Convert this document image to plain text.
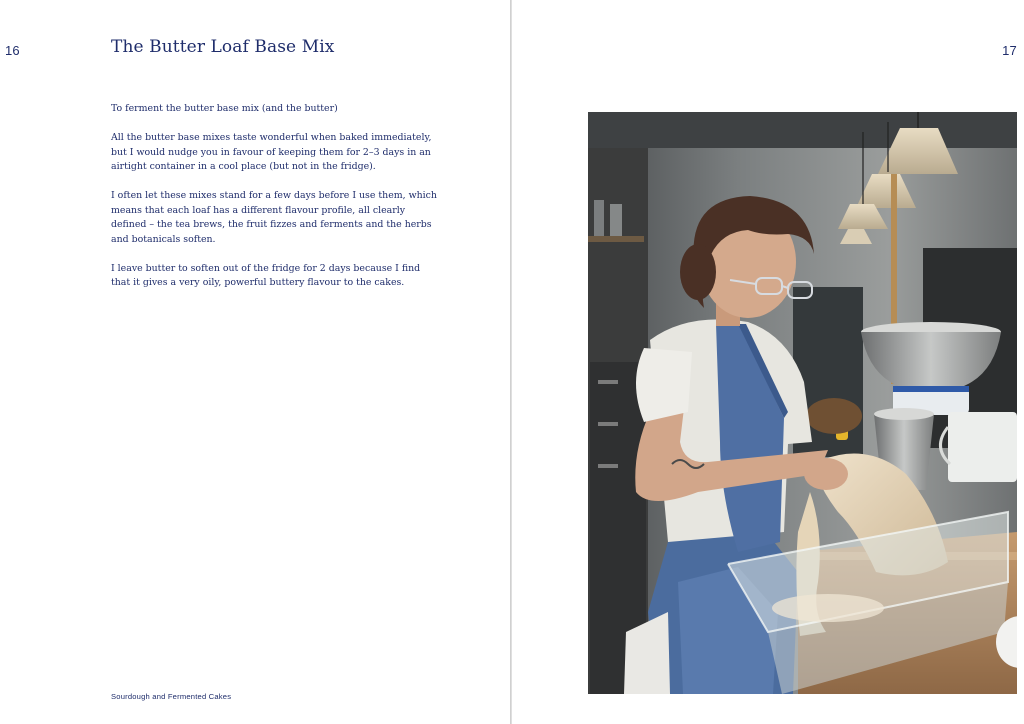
16	The Butter Loaf Base Mix

To ferment the butter base mix (and the butter)

All the butter base mixes taste wonderful when baked immediately, but I would nudge you in favour of keeping them for 2–3 days in an airtight container in a cool place (but not in the fridge).

I often let these mixes stand for a few days before I use them, which means that each loaf has a different flavour profile, all clearly defined – the tea brews, the fruit fizzes and ferments and the herbs and botanicals soften.

I leave butter to soften out of the fridge for 2 days because I find that it gives a very oily, powerful buttery flavour to the cakes.

Sourdough and Fermented Cakes
17
